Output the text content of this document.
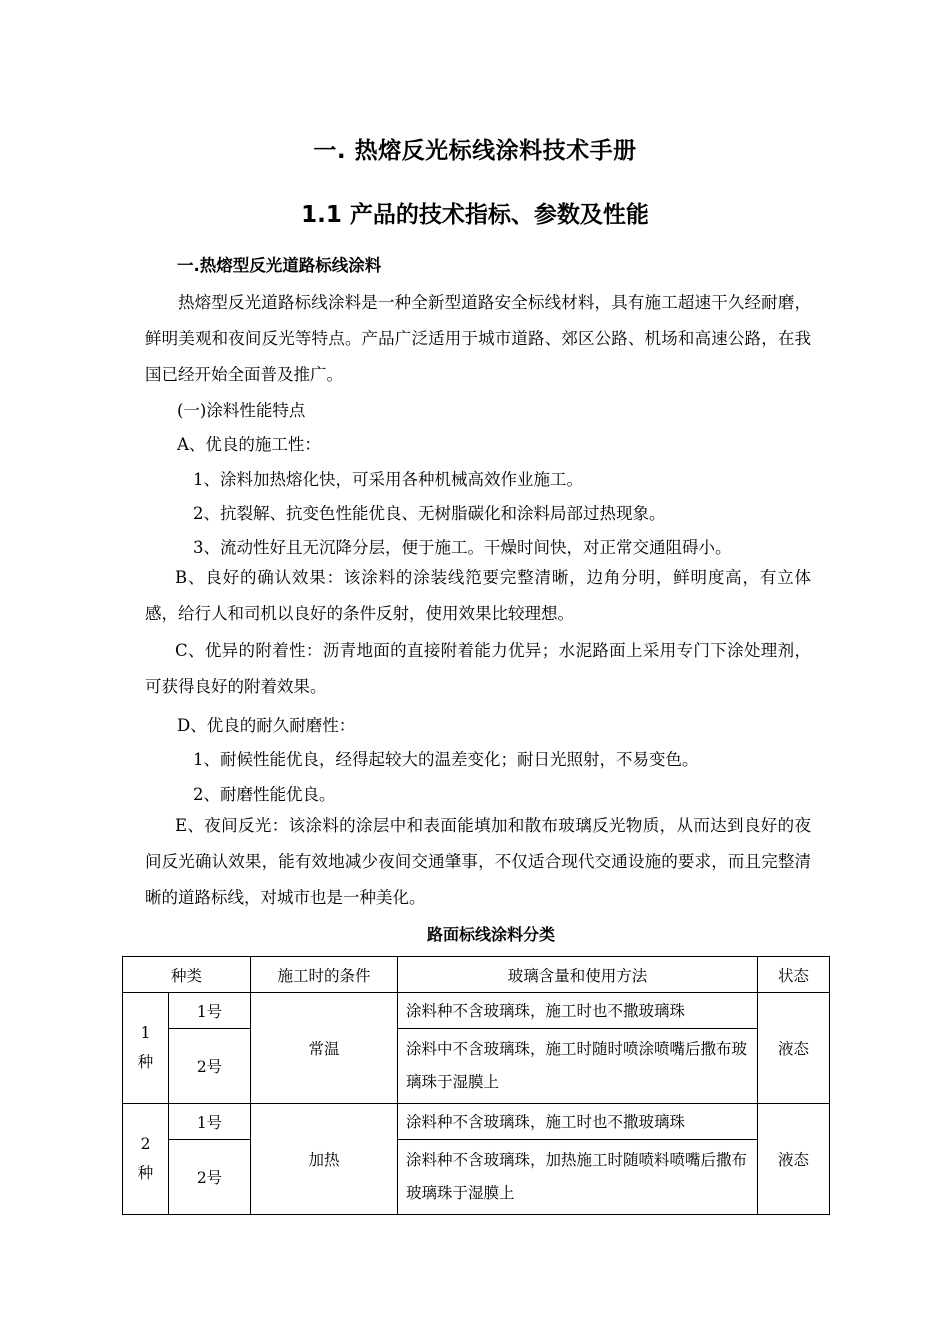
一. 热熔反光标线涂料技术手册
1.1 产品的技术指标、参数及性能
一.热熔型反光道路标线涂料

热熔型反光道路标线涂料是一种全新型道路安全标线材料，具有施工超速干久经耐磨，鲜明美观和夜间反光等特点。产品广泛适用于城市道路、郊区公路、机场和高速公路，在我国已经开始全面普及推广。

(一)涂料性能特点
A、优良的施工性：
1、涂料加热熔化快，可采用各种机械高效作业施工。
2、抗裂解、抗变色性能优良、无树脂碳化和涂料局部过热现象。
3、流动性好且无沉降分层，便于施工。干燥时间快，对正常交通阻碍小。

B、良好的确认效果：该涂料的涂装线笵要完整清晰，边角分明，鲜明度高，有立体感，给行人和司机以良好的条件反射，使用效果比较理想。

C、优异的附着性：沥青地面的直接附着能力优异；水泥路面上采用专门下涂处理剂，可获得良好的附着效果。

D、优良的耐久耐磨性：
1、耐候性能优良，经得起较大的温差变化；耐日光照射，不易变色。
2、耐磨性能优良。

E、夜间反光：该涂料的涂层中和表面能填加和散布玻璃反光物质，从而达到良好的夜间反光确认效果，能有效地减少夜间交通肇事，不仅适合现代交通设施的要求，而且完整清晰的道路标线，对城市也是一种美化。

路面标线涂料分类
种类		施工时的条件	玻璃含量和使用方法	状态
1
种	1号	常温	涂料种不含玻璃珠，施工时也不撒玻璃珠	液态
	2号		涂料中不含玻璃珠，施工时随时喷涂喷嘴后撒布玻璃珠于湿膜上	
2
种	1号	加热	涂料种不含玻璃珠，施工时也不撒玻璃珠	液态
	2号		涂料种不含玻璃珠，加热施工时随喷料喷嘴后撒布玻璃珠于湿膜上	
